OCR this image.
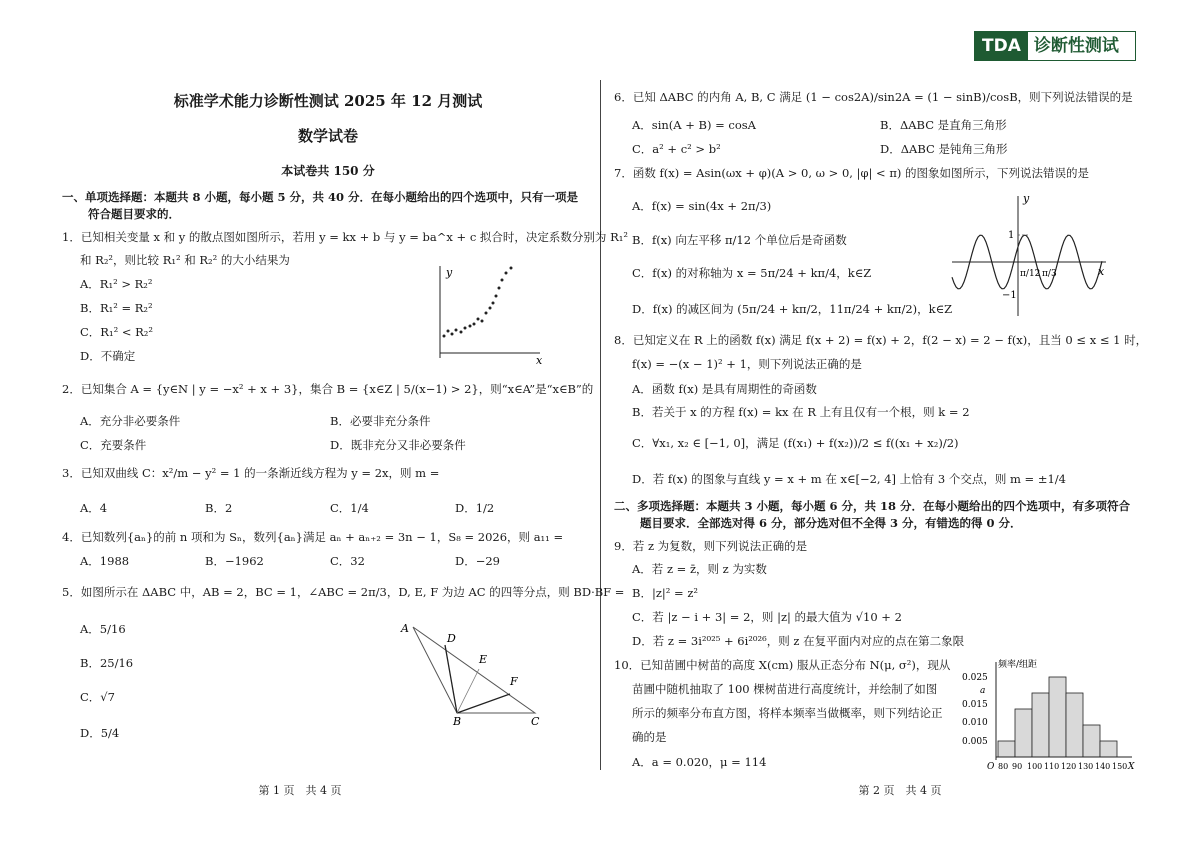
TDA 诊断性测试
标准学术能力诊断性测试 2025 年 12 月测试
数学试卷
本试卷共 150 分
一、单项选择题：本题共 8 小题，每小题 5 分，共 40 分．在每小题给出的四个选项中，只有一项是
符合题目要求的．
1．已知相关变量 x 和 y 的散点图如图所示，若用 y = kx + b 与 y = ba^x + c 拟合时，决定系数分别为 R₁²
和 R₂²，则比较 R₁² 和 R₂² 的大小结果为
A．R₁² > R₂²
B．R₁² = R₂²
C．R₁² < R₂²
D．不确定
y
x
2．已知集合 A = {y∈N | y = −x² + x + 3}，集合 B = {x∈Z | 5/(x−1) > 2}，则“x∈A”是“x∈B”的
A．充分非必要条件	B．必要非充分条件
C．充要条件	D．既非充分又非必要条件
3．已知双曲线 C：x²/m − y² = 1 的一条渐近线方程为 y = 2x，则 m =
A．4	B．2	C．1/4	D．1/2
4．已知数列{aₙ}的前 n 项和为 Sₙ，数列{aₙ}满足 aₙ + aₙ₊₂ = 3n − 1，S₈ = 2026，则 a₁₁ =
A．1988	B．−1962	C．32	D．−29
5．如图所示在 ΔABC 中，AB = 2，BC = 1，∠ABC = 2π/3，D, E, F 为边 AC 的四等分点，则 BD·BF =
A．5/16
B．25/16
C．√7
D．5/4
A
D
E
F
B	C
第 1 页　共 4 页
6．已知 ΔABC 的内角 A, B, C 满足 (1 − cos2A)/sin2A = (1 − sinB)/cosB，则下列说法错误的是
A．sin(A + B) = cosA	B．ΔABC 是直角三角形
C．a² + c² > b²	D．ΔABC 是钝角三角形
7．函数 f(x) = Asin(ωx + φ)(A > 0, ω > 0, |φ| < π) 的图象如图所示，下列说法错误的是
A．f(x) = sin(4x + 2π/3)
B．f(x) 向左平移 π/12 个单位后是奇函数
C．f(x) 的对称轴为 x = 5π/24 + kπ/4，k∈Z
D．f(x) 的减区间为 (5π/24 + kπ/2，11π/24 + kπ/2)，k∈Z
y
x
1
−1
π/12 π/3
8．已知定义在 R 上的函数 f(x) 满足 f(x + 2) = f(x) + 2，f(2 − x) = 2 − f(x)，且当 0 ≤ x ≤ 1 时，
f(x) = −(x − 1)² + 1，则下列说法正确的是
A．函数 f(x) 是具有周期性的奇函数
B．若关于 x 的方程 f(x) = kx 在 R 上有且仅有一个根，则 k = 2
C．∀x₁, x₂ ∈ [−1, 0]，满足 (f(x₁) + f(x₂))/2 ≤ f((x₁ + x₂)/2)
D．若 f(x) 的图象与直线 y = x + m 在 x∈[−2, 4] 上恰有 3 个交点，则 m = ±1/4
二、多项选择题：本题共 3 小题，每小题 6 分，共 18 分．在每小题给出的四个选项中，有多项符合
题目要求．全部选对得 6 分，部分选对但不全得 3 分，有错选的得 0 分．
9．若 z 为复数，则下列说法正确的是
A．若 z = z̄，则 z 为实数
B．|z|² = z²
C．若 |z − i + 3| = 2，则 |z| 的最大值为 √10 + 2
D．若 z = 3i²⁰²⁵ + 6i²⁰²⁶，则 z 在复平面内对应的点在第二象限
10．已知苗圃中树苗的高度 X(cm) 服从正态分布 N(μ, σ²)，现从
苗圃中随机抽取了 100 棵树苗进行高度统计，并绘制了如图
所示的频率分布直方图，将样本频率当做概率，则下列结论正
确的是
A．a = 0.020，μ = 114
频率/组距
0.025
a
0.015
0.010
0.005
O 80 90 100 110 120 130 140 150 X
第 2 页　共 4 页
